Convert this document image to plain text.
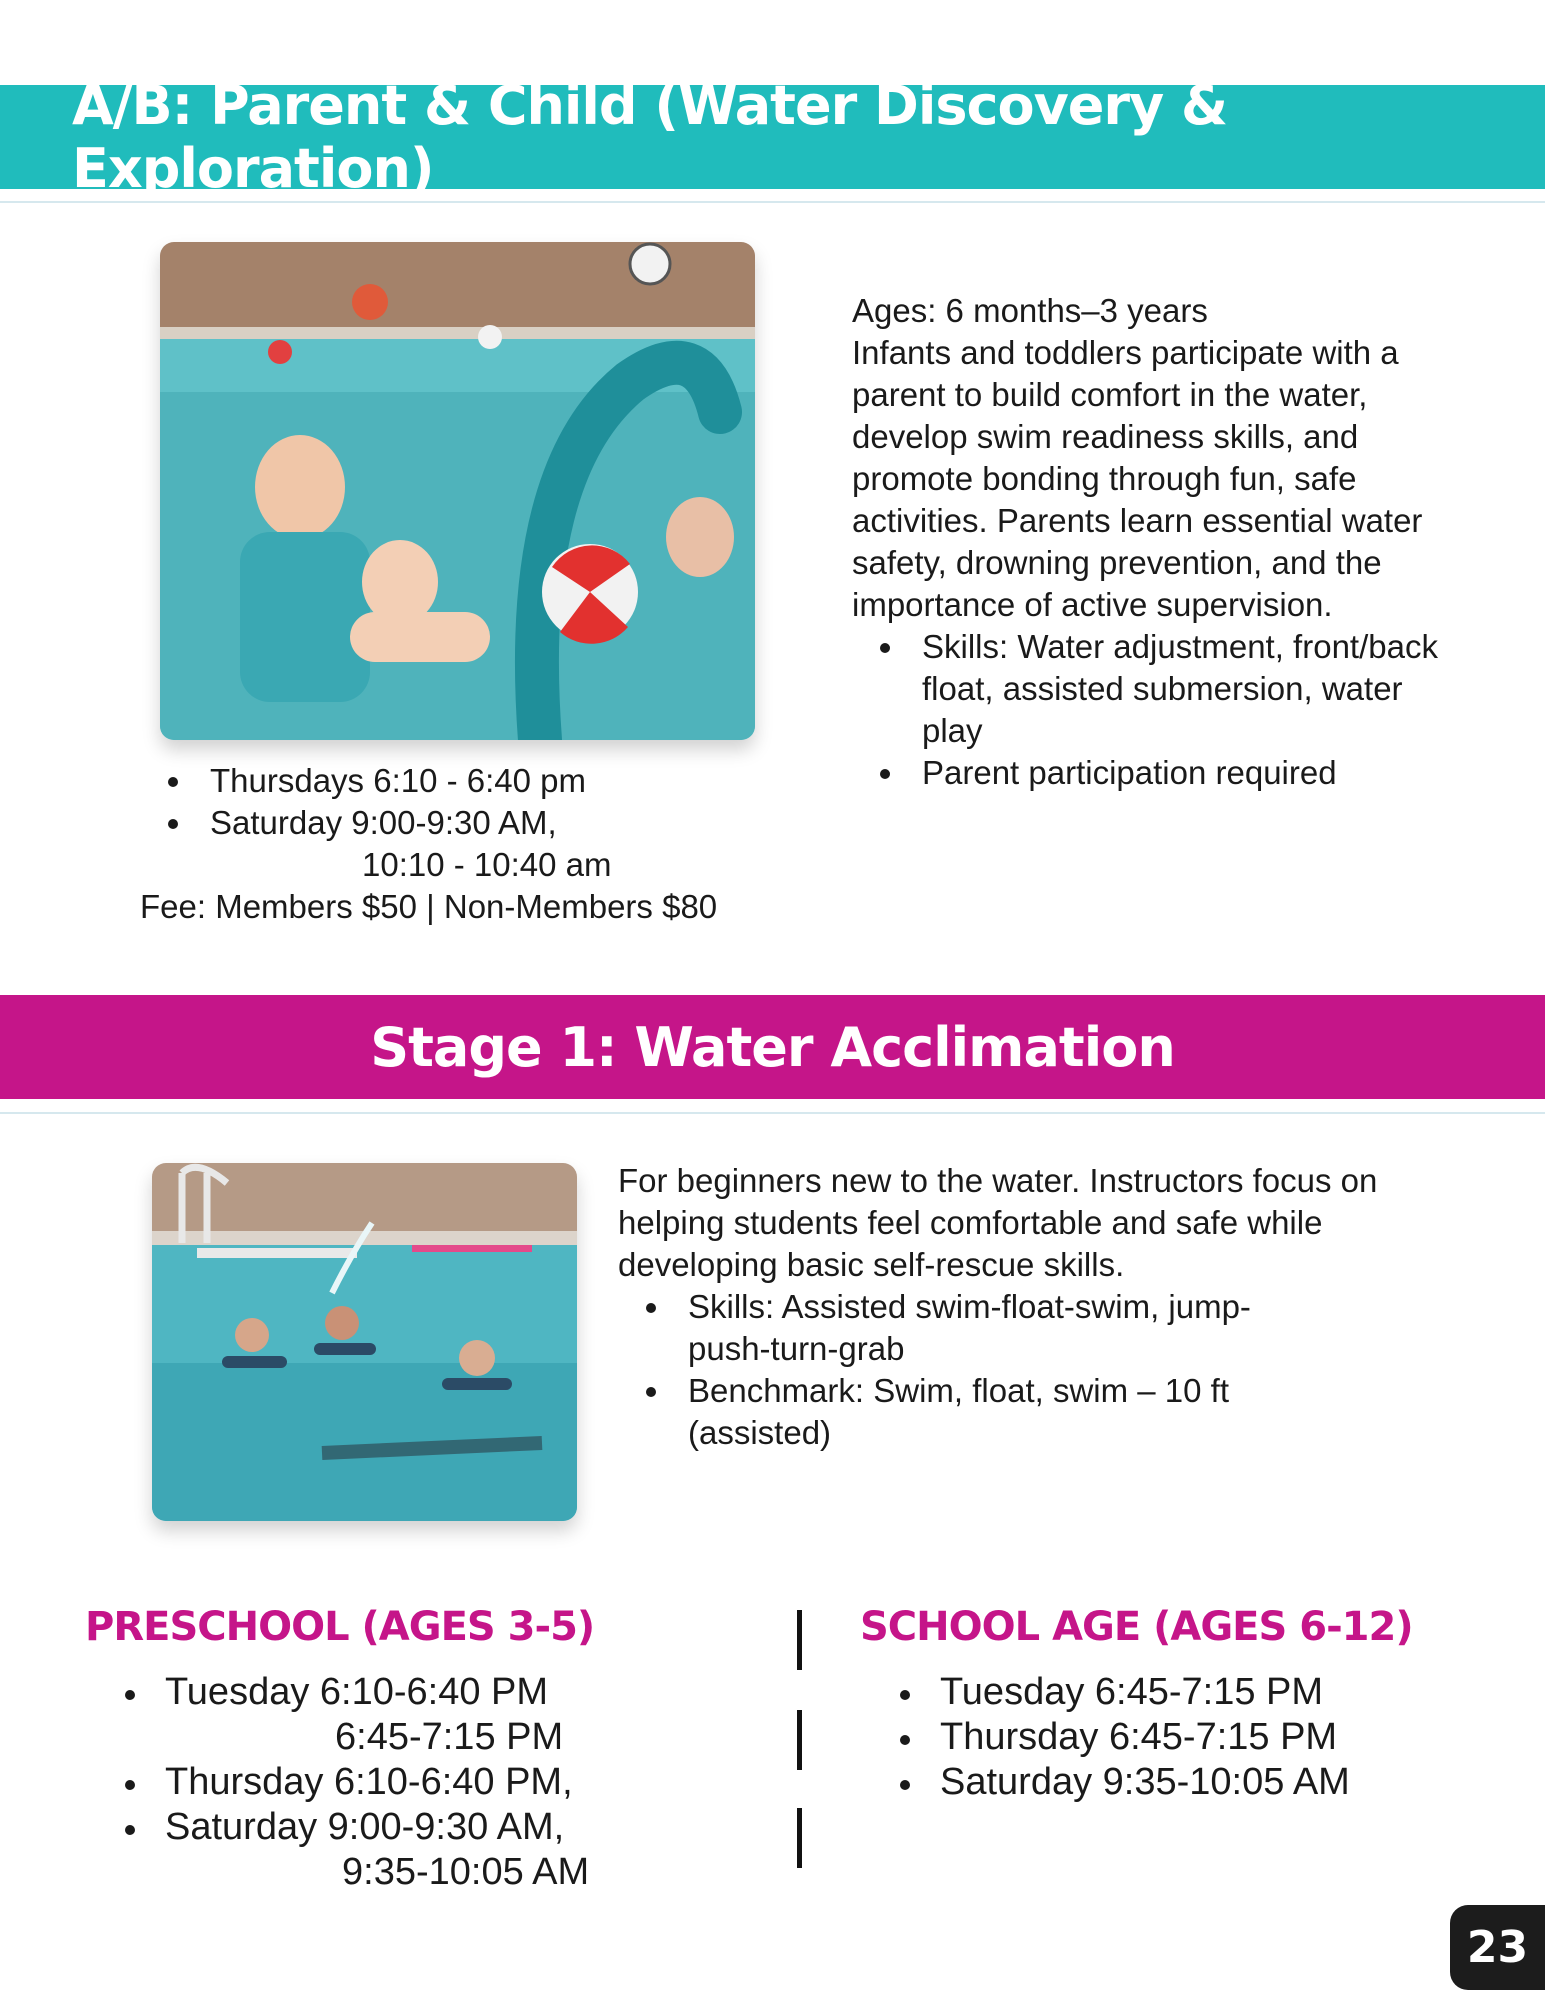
A/B: Parent & Child (Water Discovery & Exploration)

Ages: 6 months–3 years

Infants and toddlers participate with a parent to build comfort in the water, develop swim readiness skills, and promote bonding through fun, safe activities. Parents learn essential water safety, drowning prevention, and the importance of active supervision.

Skills: Water adjustment, front/back float, assisted submersion, water play
Parent participation required
Thursdays 6:10 - 6:40 pm
Saturday 9:00-9:30 AM,
10:10 - 10:40 am

Fee: Members $50 | Non-Members $80

Stage 1: Water Acclimation

For beginners new to the water. Instructors focus on helping students feel comfortable and safe while developing basic self-rescue skills.

Skills: Assisted swim-float-swim, jump-push-turn-grab
Benchmark: Swim, float, swim – 10 ft (assisted)
PRESCHOOL (AGES 3-5)
Tuesday 6:10-6:40 PM
6:45-7:15 PM
Thursday 6:10-6:40 PM,
Saturday 9:00-9:30 AM,
9:35-10:05 AM
SCHOOL AGE (AGES 6-12)
Tuesday 6:45-7:15 PM
Thursday 6:45-7:15 PM
Saturday 9:35-10:05 AM
23
